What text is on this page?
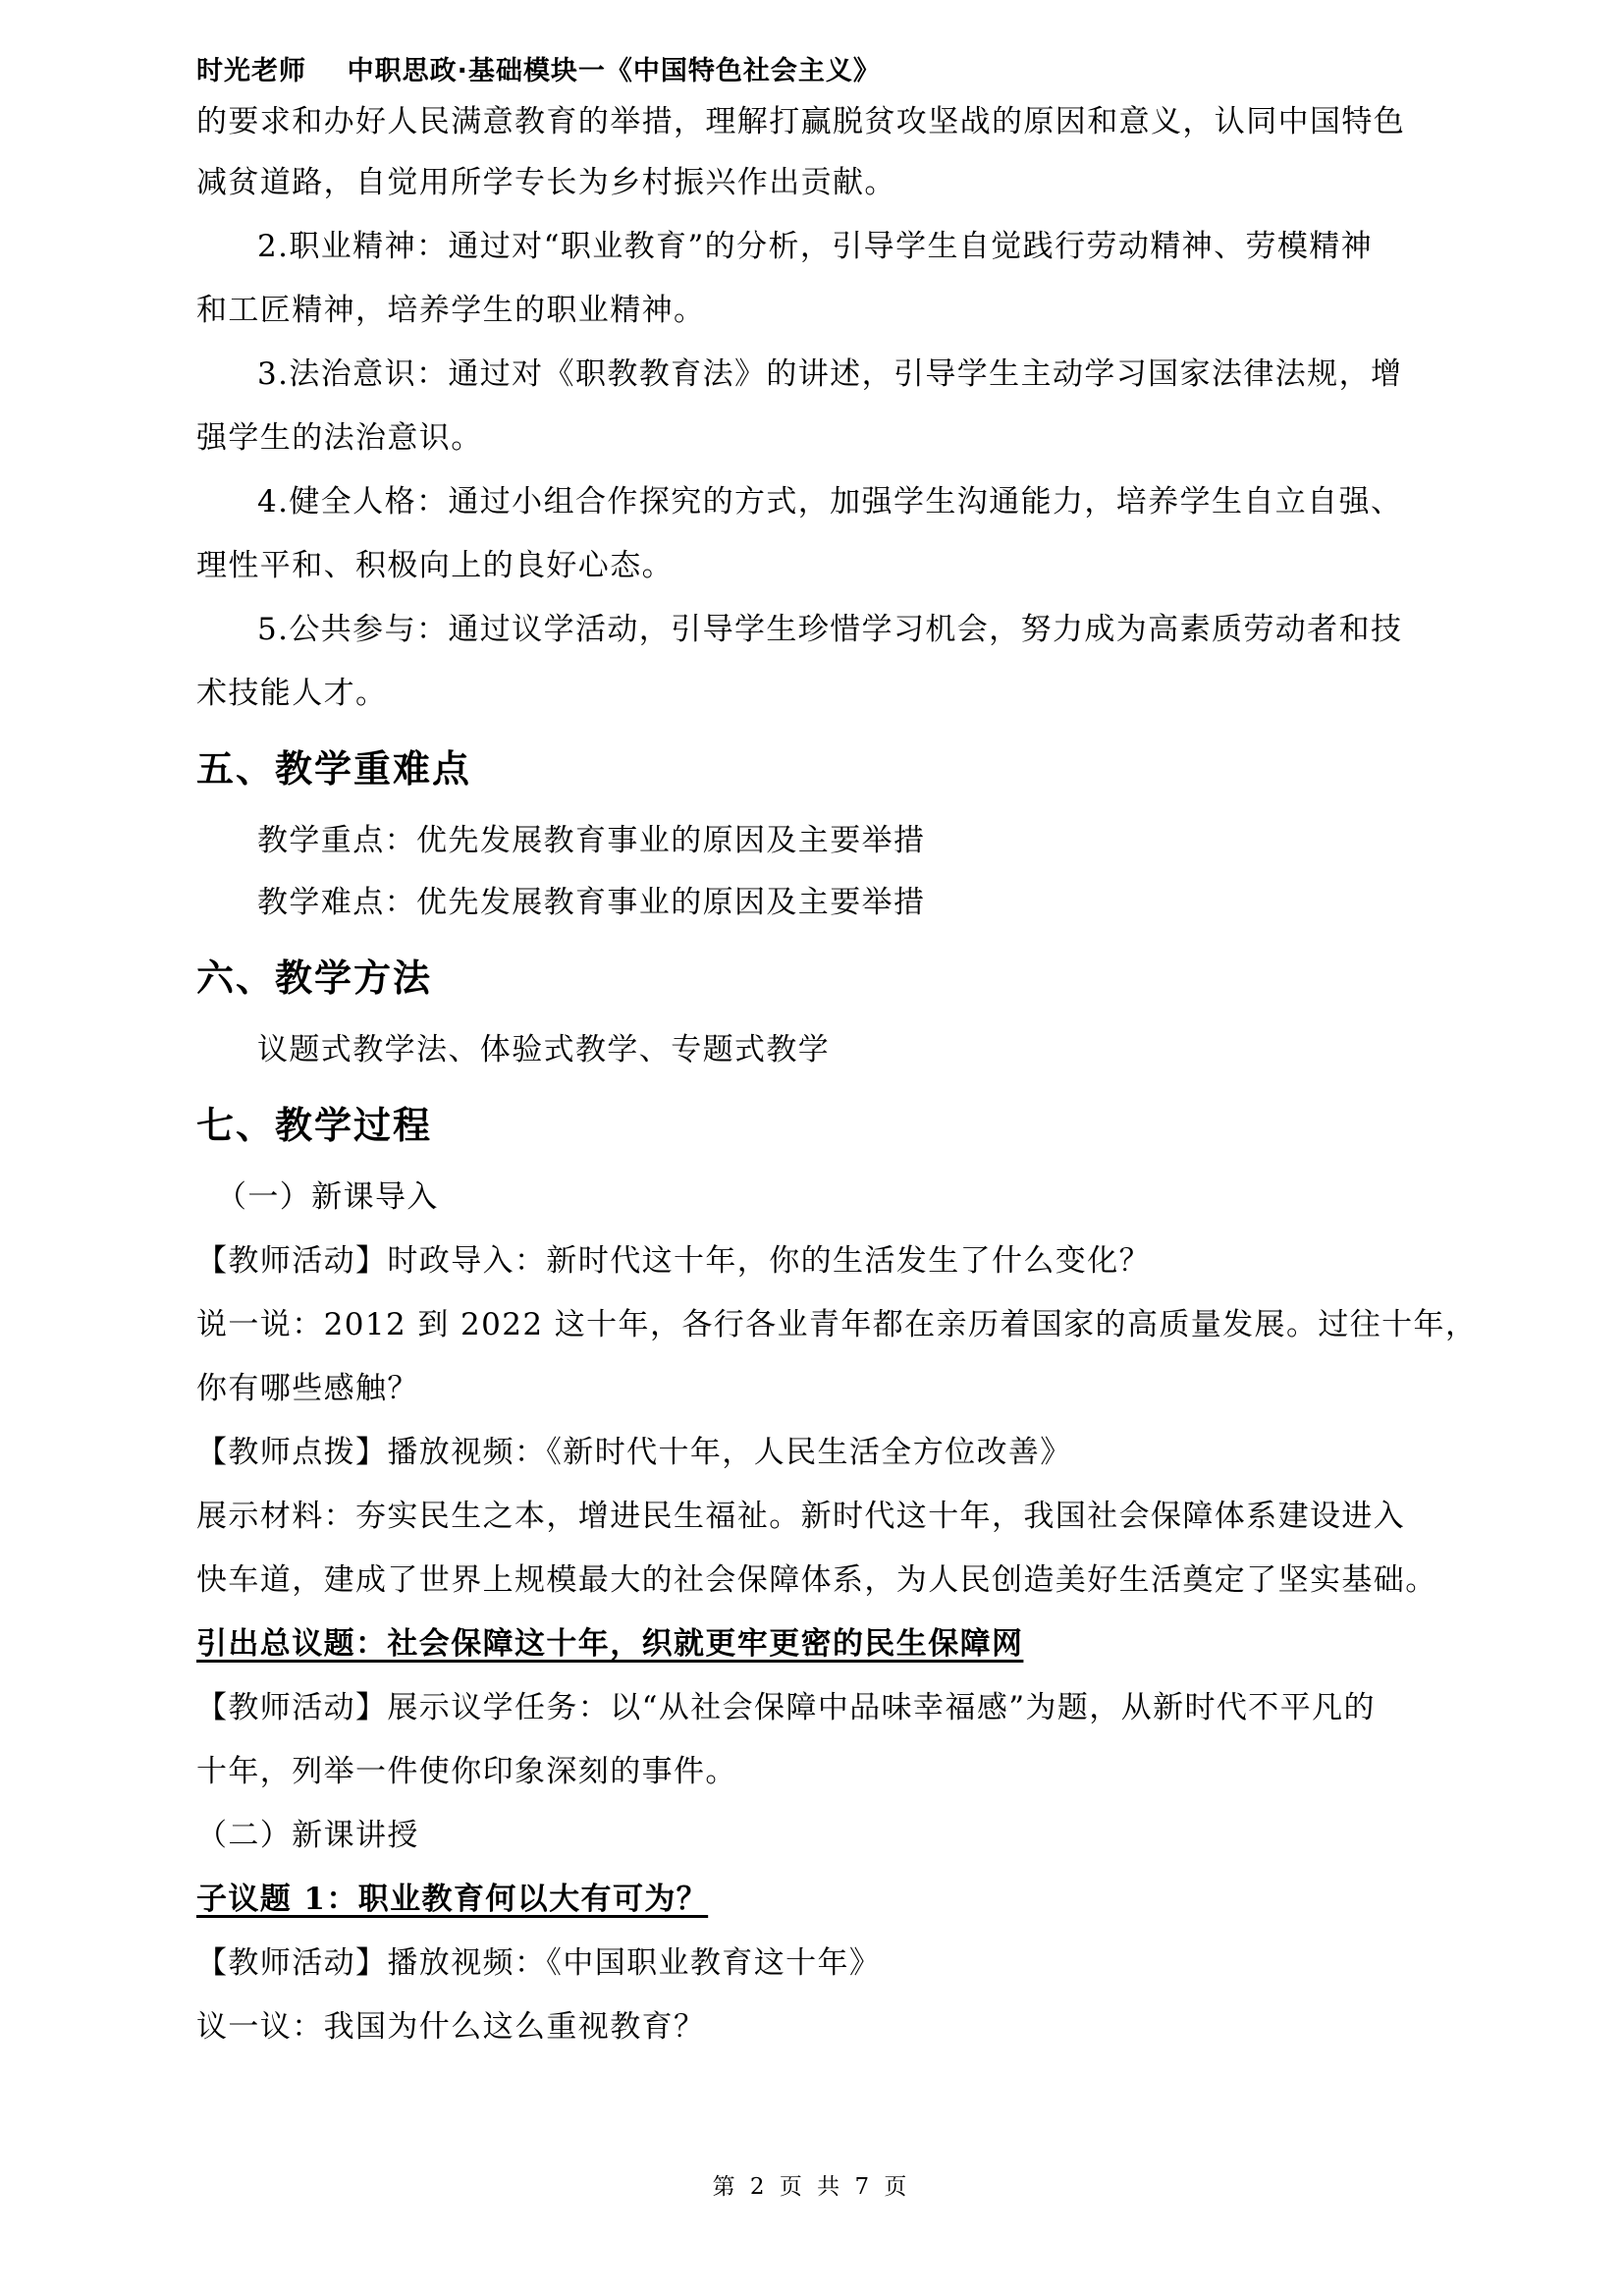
时光老师 中职思政·基础模块一《中国特色社会主义》
的要求和办好人民满意教育的举措，理解打赢脱贫攻坚战的原因和意义，认同中国特色
减贫道路，自觉用所学专长为乡村振兴作出贡献。
2.职业精神：通过对“职业教育”的分析，引导学生自觉践行劳动精神、劳模精神
和工匠精神，培养学生的职业精神。
3.法治意识：通过对《职教教育法》的讲述，引导学生主动学习国家法律法规，增
强学生的法治意识。
4.健全人格：通过小组合作探究的方式，加强学生沟通能力，培养学生自立自强、
理性平和、积极向上的良好心态。
5.公共参与：通过议学活动，引导学生珍惜学习机会，努力成为高素质劳动者和技
术技能人才。
五、教学重难点
教学重点：优先发展教育事业的原因及主要举措
教学难点：优先发展教育事业的原因及主要举措
六、教学方法
议题式教学法、体验式教学、专题式教学
七、教学过程
（一）新课导入
【教师活动】时政导入：新时代这十年，你的生活发生了什么变化？
说一说：2012 到 2022 这十年，各行各业青年都在亲历着国家的高质量发展。过往十年，
你有哪些感触？
【教师点拨】播放视频：《新时代十年，人民生活全方位改善》
展示材料：夯实民生之本，增进民生福祉。新时代这十年，我国社会保障体系建设进入
快车道，建成了世界上规模最大的社会保障体系，为人民创造美好生活奠定了坚实基础。
引出总议题：社会保障这十年，织就更牢更密的民生保障网
【教师活动】展示议学任务：以“从社会保障中品味幸福感”为题，从新时代不平凡的
十年，列举一件使你印象深刻的事件。
（二）新课讲授
子议题 1：职业教育何以大有可为？
【教师活动】播放视频：《中国职业教育这十年》
议一议：我国为什么这么重视教育？
第 2 页 共 7 页
